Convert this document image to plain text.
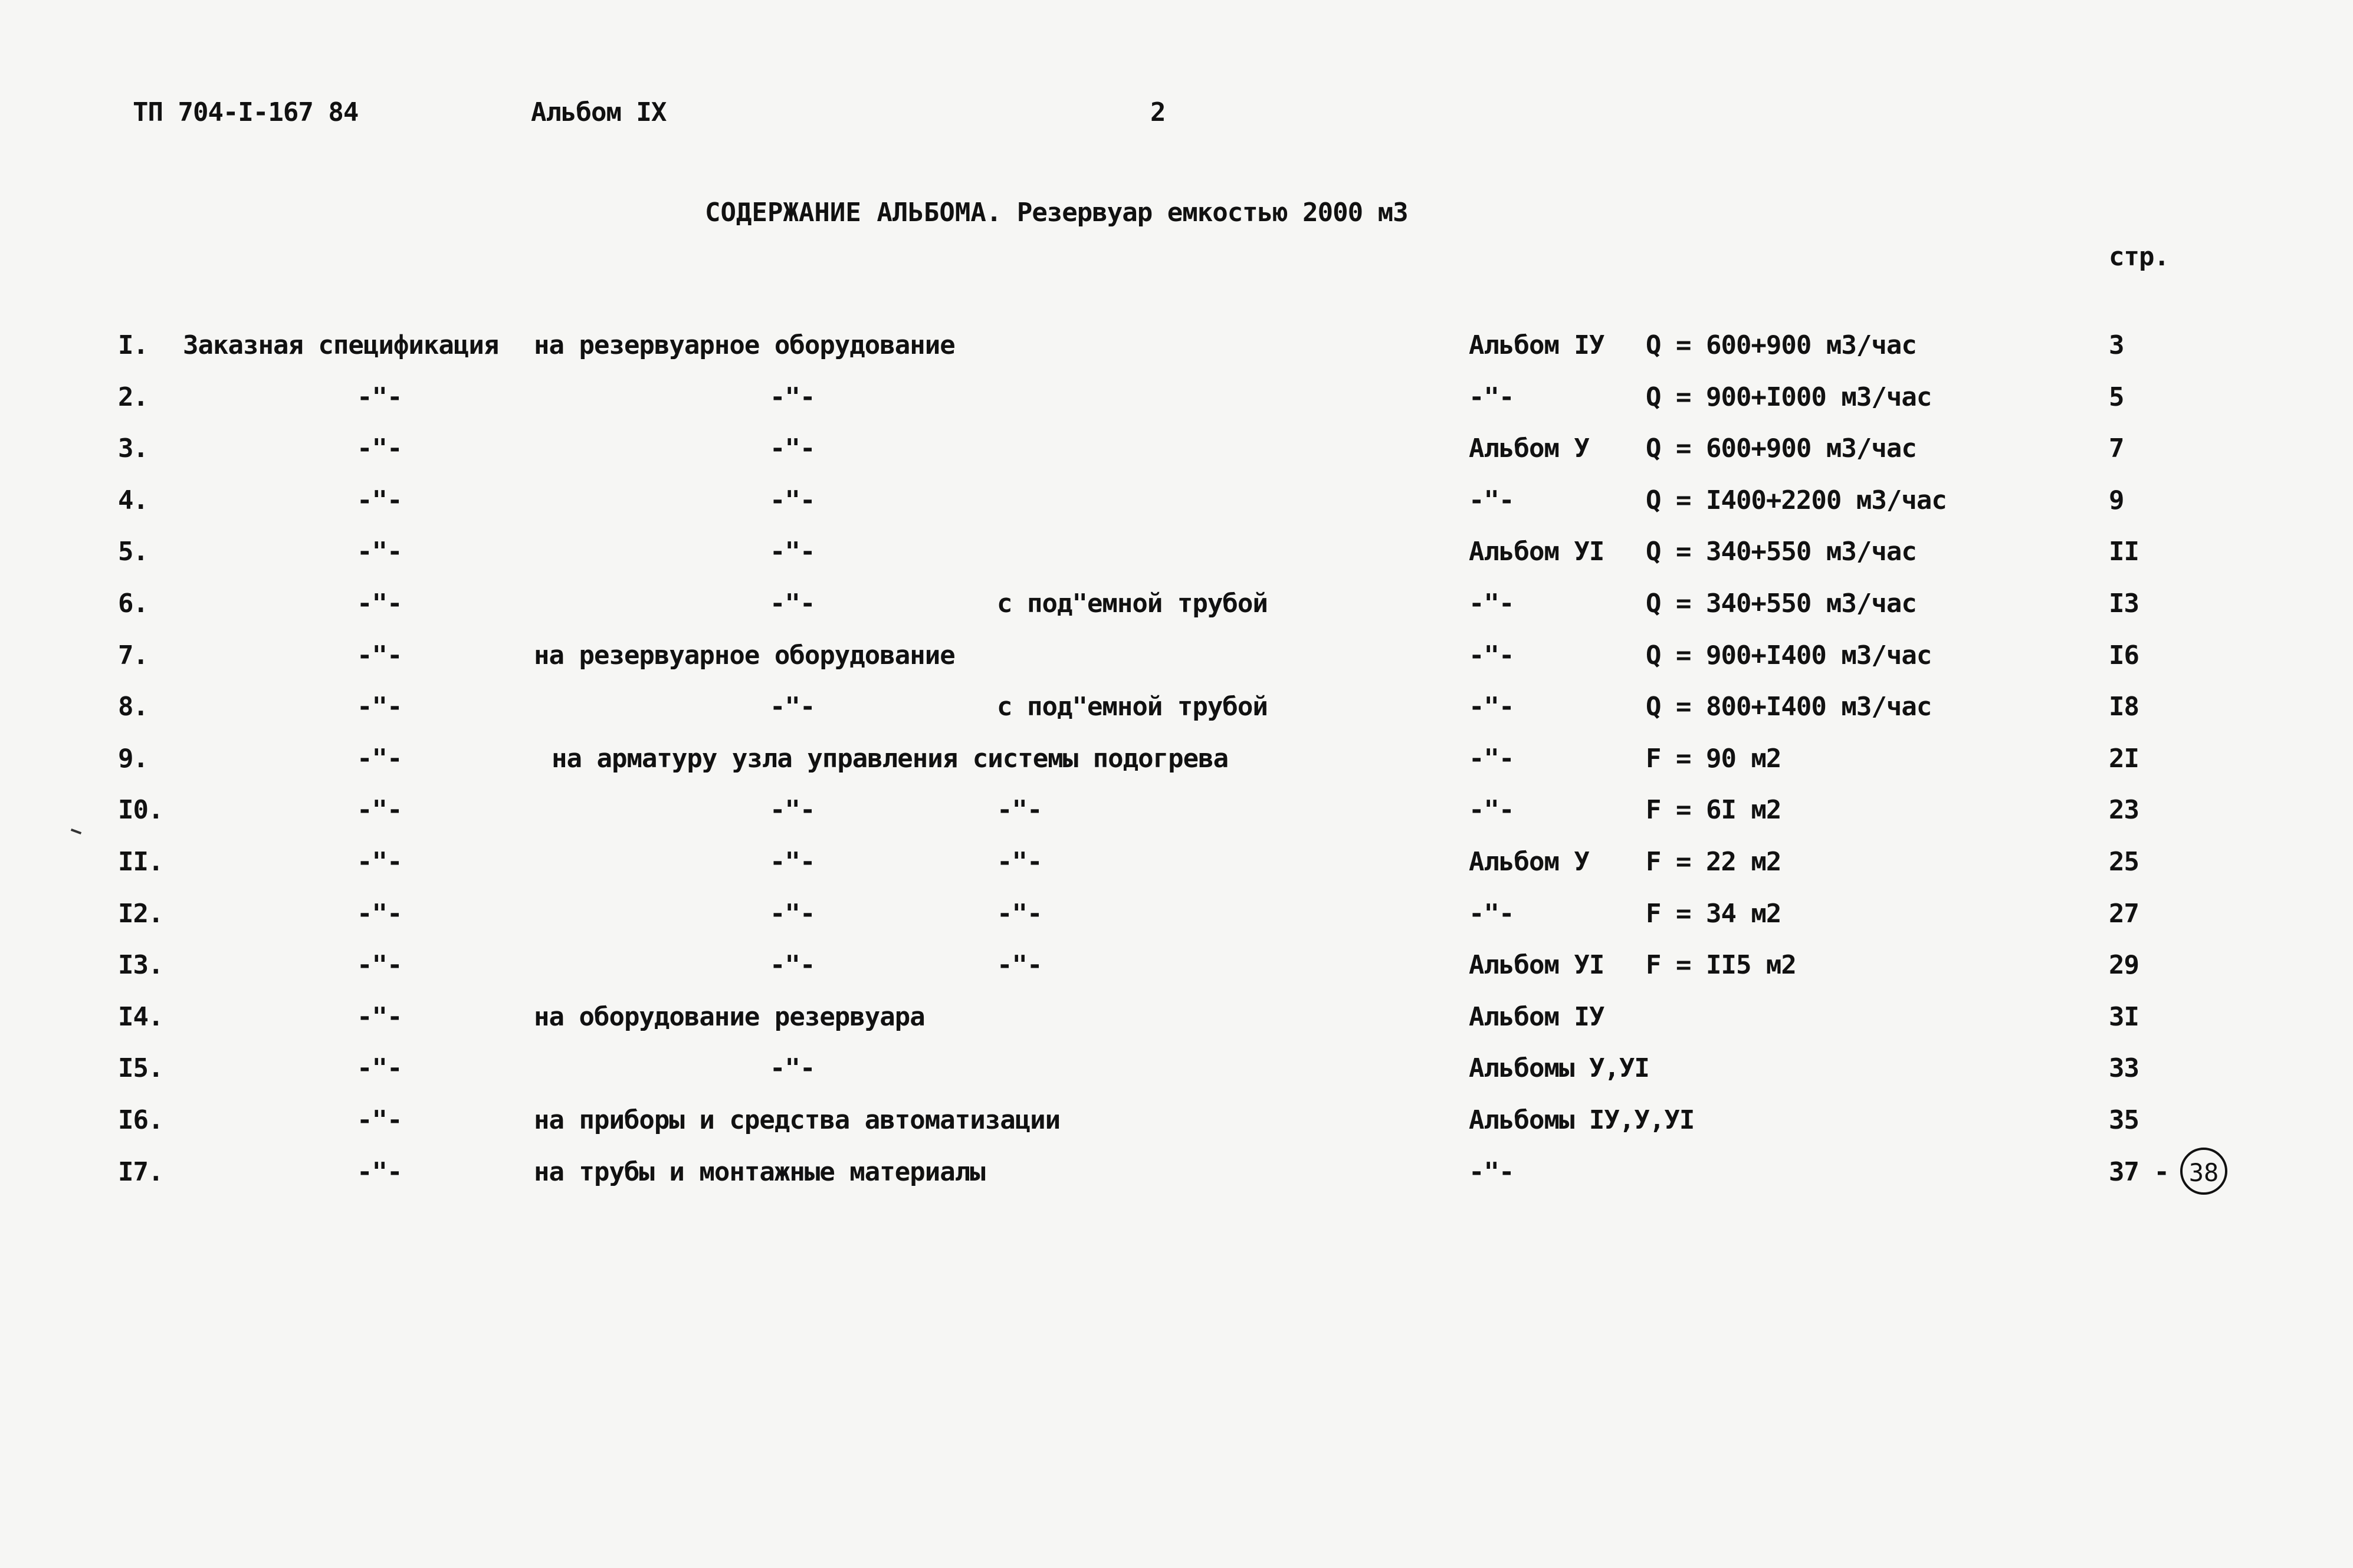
ТП 704-I-167 84	Альбом IX	2
СОДЕРЖАНИЕ АЛЬБОМА. Резервуар емкостью 2000 м3
стр.
I. Заказная спецификация на резервуарное оборудование	Альбом IУ Q = 600+900 м3/час	3
2.	-"-	-"-	-"-	Q = 900+I000 м3/час	5
3.	-"-	-"-	Альбом У Q = 600+900 м3/час	7
4.	-"-	-"-	-"-	Q = I400+2200 м3/час	9
5.	-"-	-"-	Альбом УI Q = 340+550 м3/час	II
6.	-"-	-"-	с под"емной трубой	-"-	Q = 340+550 м3/час	I3
7.	-"-	на резервуарное оборудование	-"-	Q = 900+I400 м3/час	I6
8.	-"-	-"-	с под"емной трубой	-"-	Q = 800+I400 м3/час	I8
9.	-"-	на арматуру узла управления системы подогрева	-"-	F = 90 м2	2I
I0.	-"-	-"-	-"-	-"-	F = 6I м2	23
II.	-"-	-"-	-"-	Альбом У F = 22 м2	25
I2.	-"-	-"-	-"-	-"-	F = 34 м2	27
I3.	-"-	-"-	-"-	Альбом УI F = II5 м2	29
I4.	-"-	на оборудование резервуара	Альбом IУ	3I
I5.	-"-	-"-	Альбомы У,УI	33
I6.	-"-	на приборы и средства автоматизации	Альбомы IУ,У,УI	35
I7.	-"-	на трубы и монтажные материалы	-"-	37 - 38
